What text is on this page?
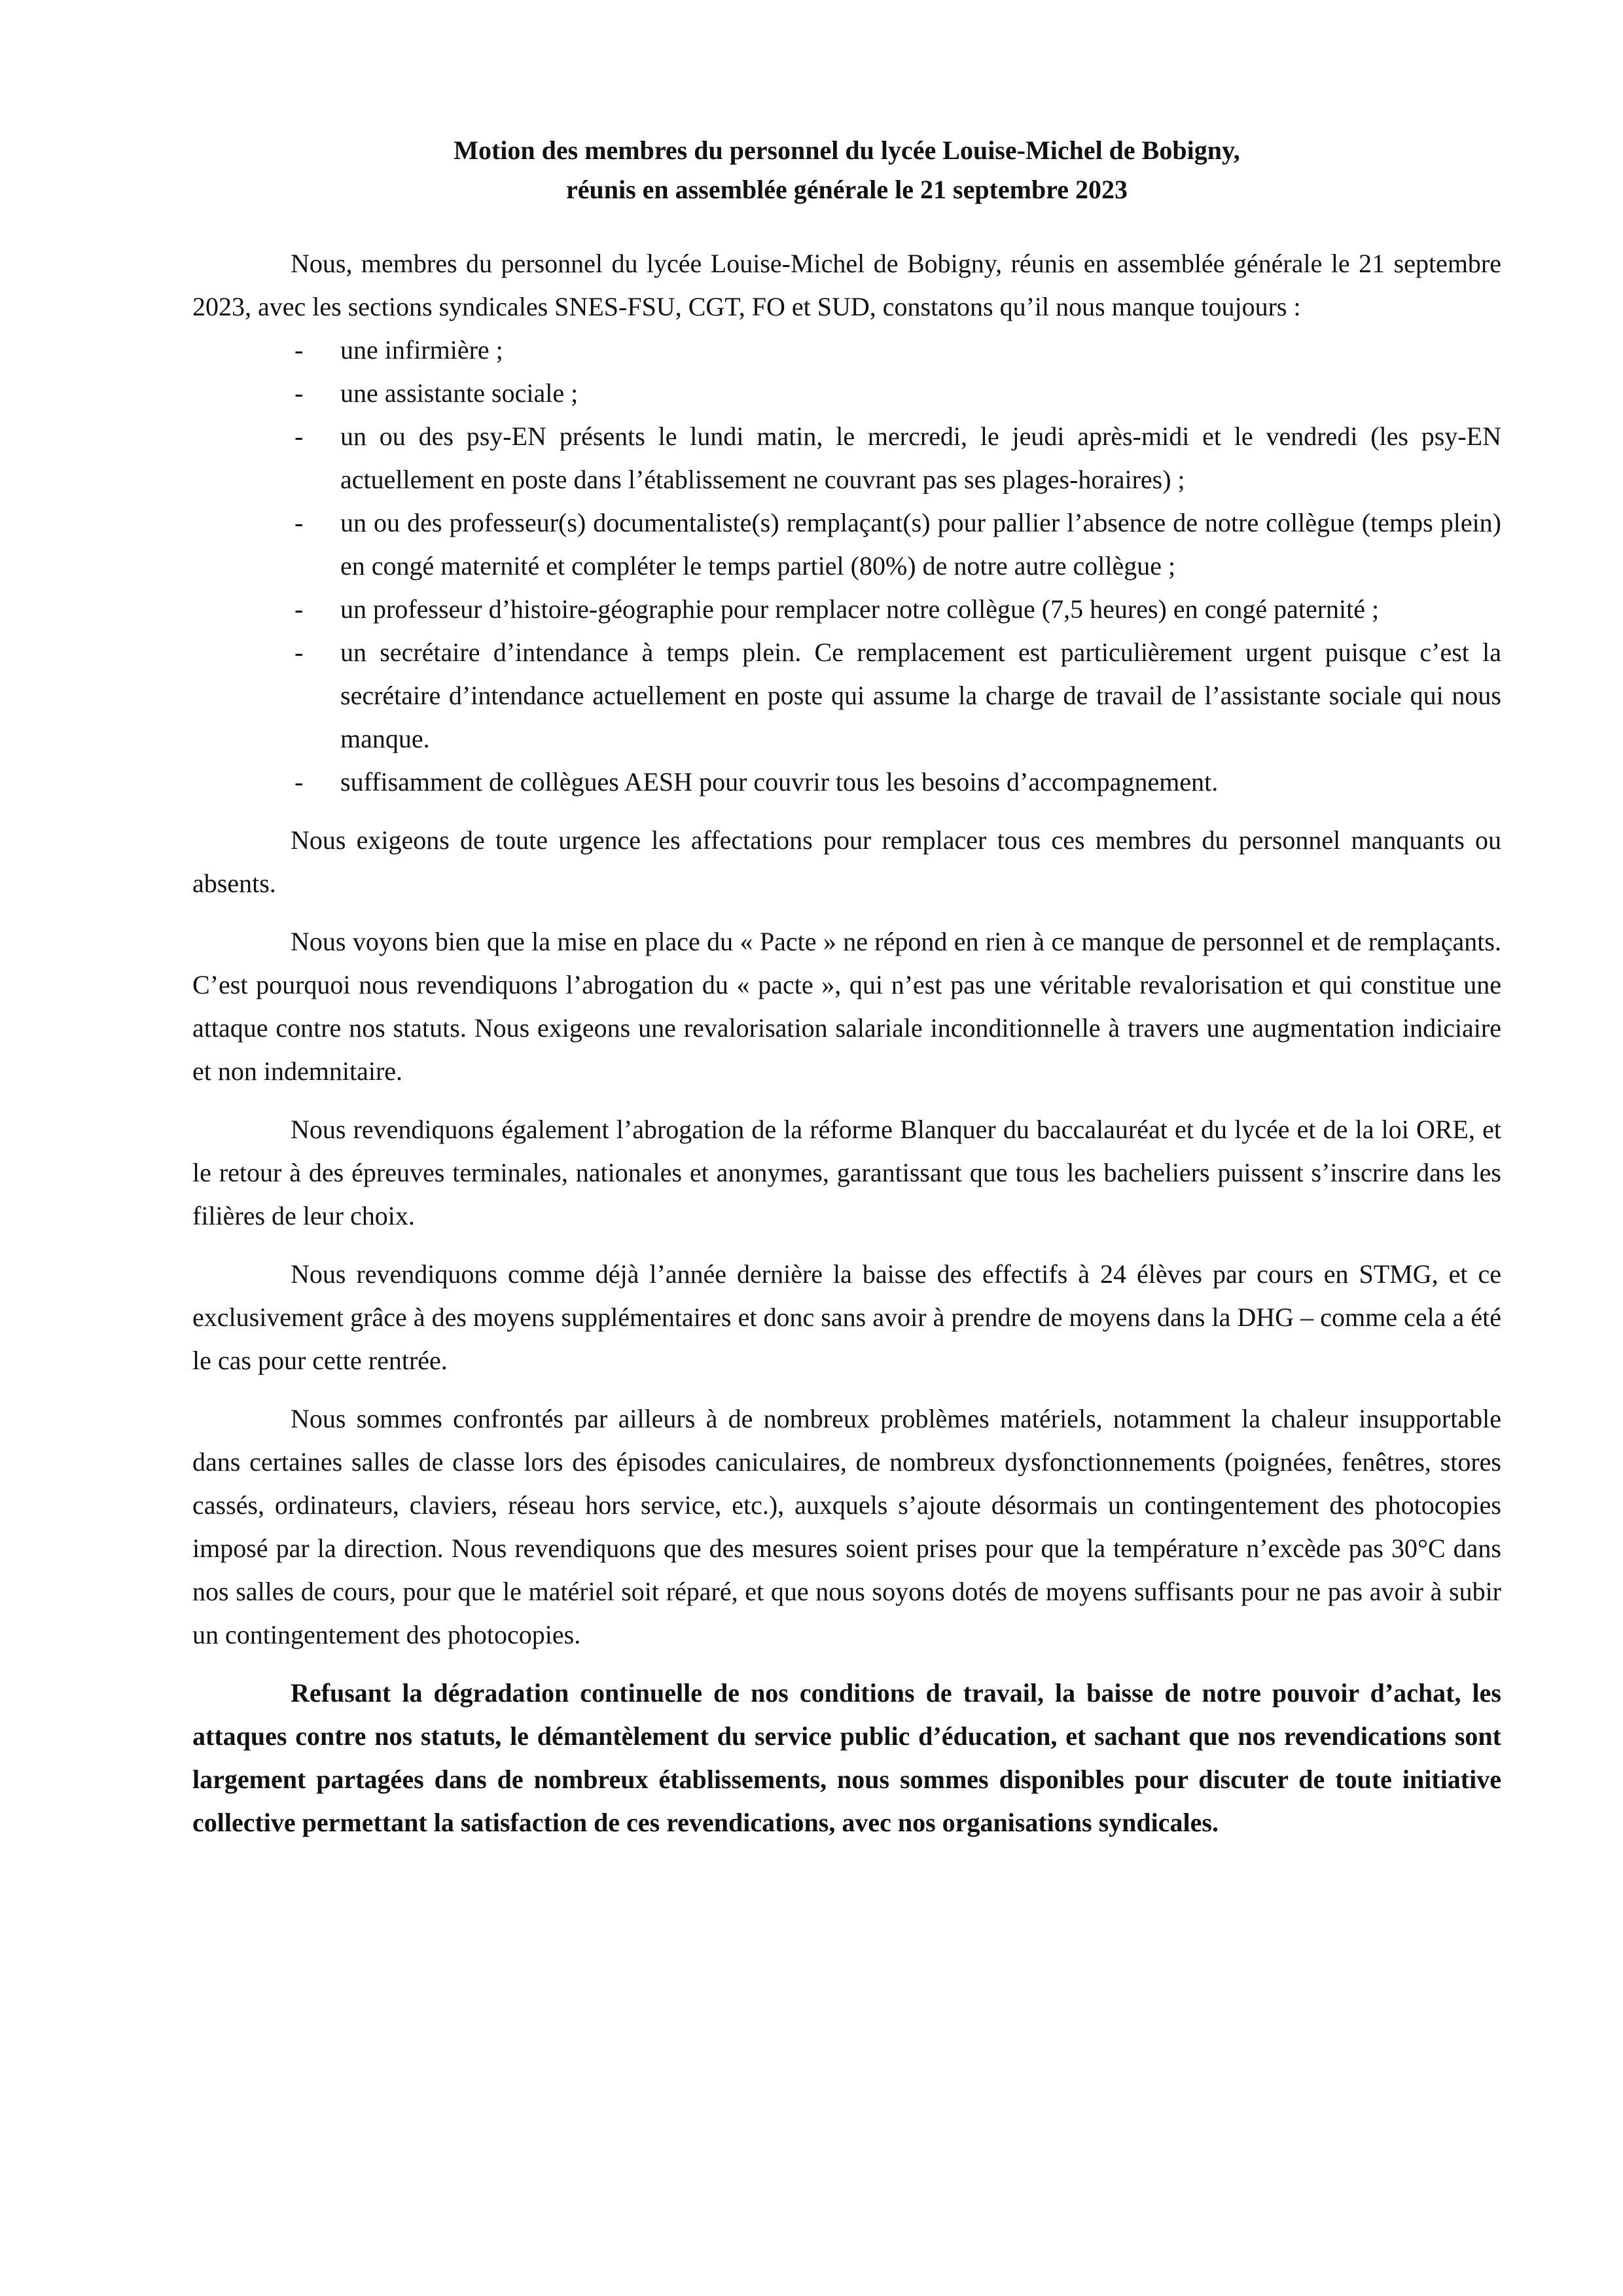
Motion des membres du personnel du lycée Louise-Michel de Bobigny,
réunis en assemblée générale le 21 septembre 2023

Nous, membres du personnel du lycée Louise-Michel de Bobigny, réunis en assemblée générale le 21 septembre 2023, avec les sections syndicales SNES-FSU, CGT, FO et SUD, constatons qu’il nous manque toujours :

- une infirmière ;
- une assistante sociale ;
- un ou des psy-EN présents le lundi matin, le mercredi, le jeudi après-midi et le vendredi (les psy-EN actuellement en poste dans l’établissement ne couvrant pas ses plages-horaires) ;
- un ou des professeur(s) documentaliste(s) remplaçant(s) pour pallier l’absence de notre collègue (temps plein) en congé maternité et compléter le temps partiel (80%) de notre autre collègue ;
- un professeur d’histoire-géographie pour remplacer notre collègue (7,5 heures) en congé paternité ;
- un secrétaire d’intendance à temps plein. Ce remplacement est particulièrement urgent puisque c’est la secrétaire d’intendance actuellement en poste qui assume la charge de travail de l’assistante sociale qui nous manque.
- suffisamment de collègues AESH pour couvrir tous les besoins d’accompagnement.

Nous exigeons de toute urgence les affectations pour remplacer tous ces membres du personnel manquants ou absents.

Nous voyons bien que la mise en place du « Pacte » ne répond en rien à ce manque de personnel et de remplaçants. C’est pourquoi nous revendiquons l’abrogation du « pacte », qui n’est pas une véritable revalorisation et qui constitue une attaque contre nos statuts. Nous exigeons une revalorisation salariale inconditionnelle à travers une augmentation indiciaire et non indemnitaire.

Nous revendiquons également l’abrogation de la réforme Blanquer du baccalauréat et du lycée et de la loi ORE, et le retour à des épreuves terminales, nationales et anonymes, garantissant que tous les bacheliers puissent s’inscrire dans les filières de leur choix.

Nous revendiquons comme déjà l’année dernière la baisse des effectifs à 24 élèves par cours en STMG, et ce exclusivement grâce à des moyens supplémentaires et donc sans avoir à prendre de moyens dans la DHG – comme cela a été le cas pour cette rentrée.

Nous sommes confrontés par ailleurs à de nombreux problèmes matériels, notamment la chaleur insupportable dans certaines salles de classe lors des épisodes caniculaires, de nombreux dysfonctionnements (poignées, fenêtres, stores cassés, ordinateurs, claviers, réseau hors service, etc.), auxquels s’ajoute désormais un contingentement des photocopies imposé par la direction. Nous revendiquons que des mesures soient prises pour que la température n’excède pas 30°C dans nos salles de cours, pour que le matériel soit réparé, et que nous soyons dotés de moyens suffisants pour ne pas avoir à subir un contingentement des photocopies.

Refusant la dégradation continuelle de nos conditions de travail, la baisse de notre pouvoir d’achat, les attaques contre nos statuts, le démantèlement du service public d’éducation, et sachant que nos revendications sont largement partagées dans de nombreux établissements, nous sommes disponibles pour discuter de toute initiative collective permettant la satisfaction de ces revendications, avec nos organisations syndicales.
